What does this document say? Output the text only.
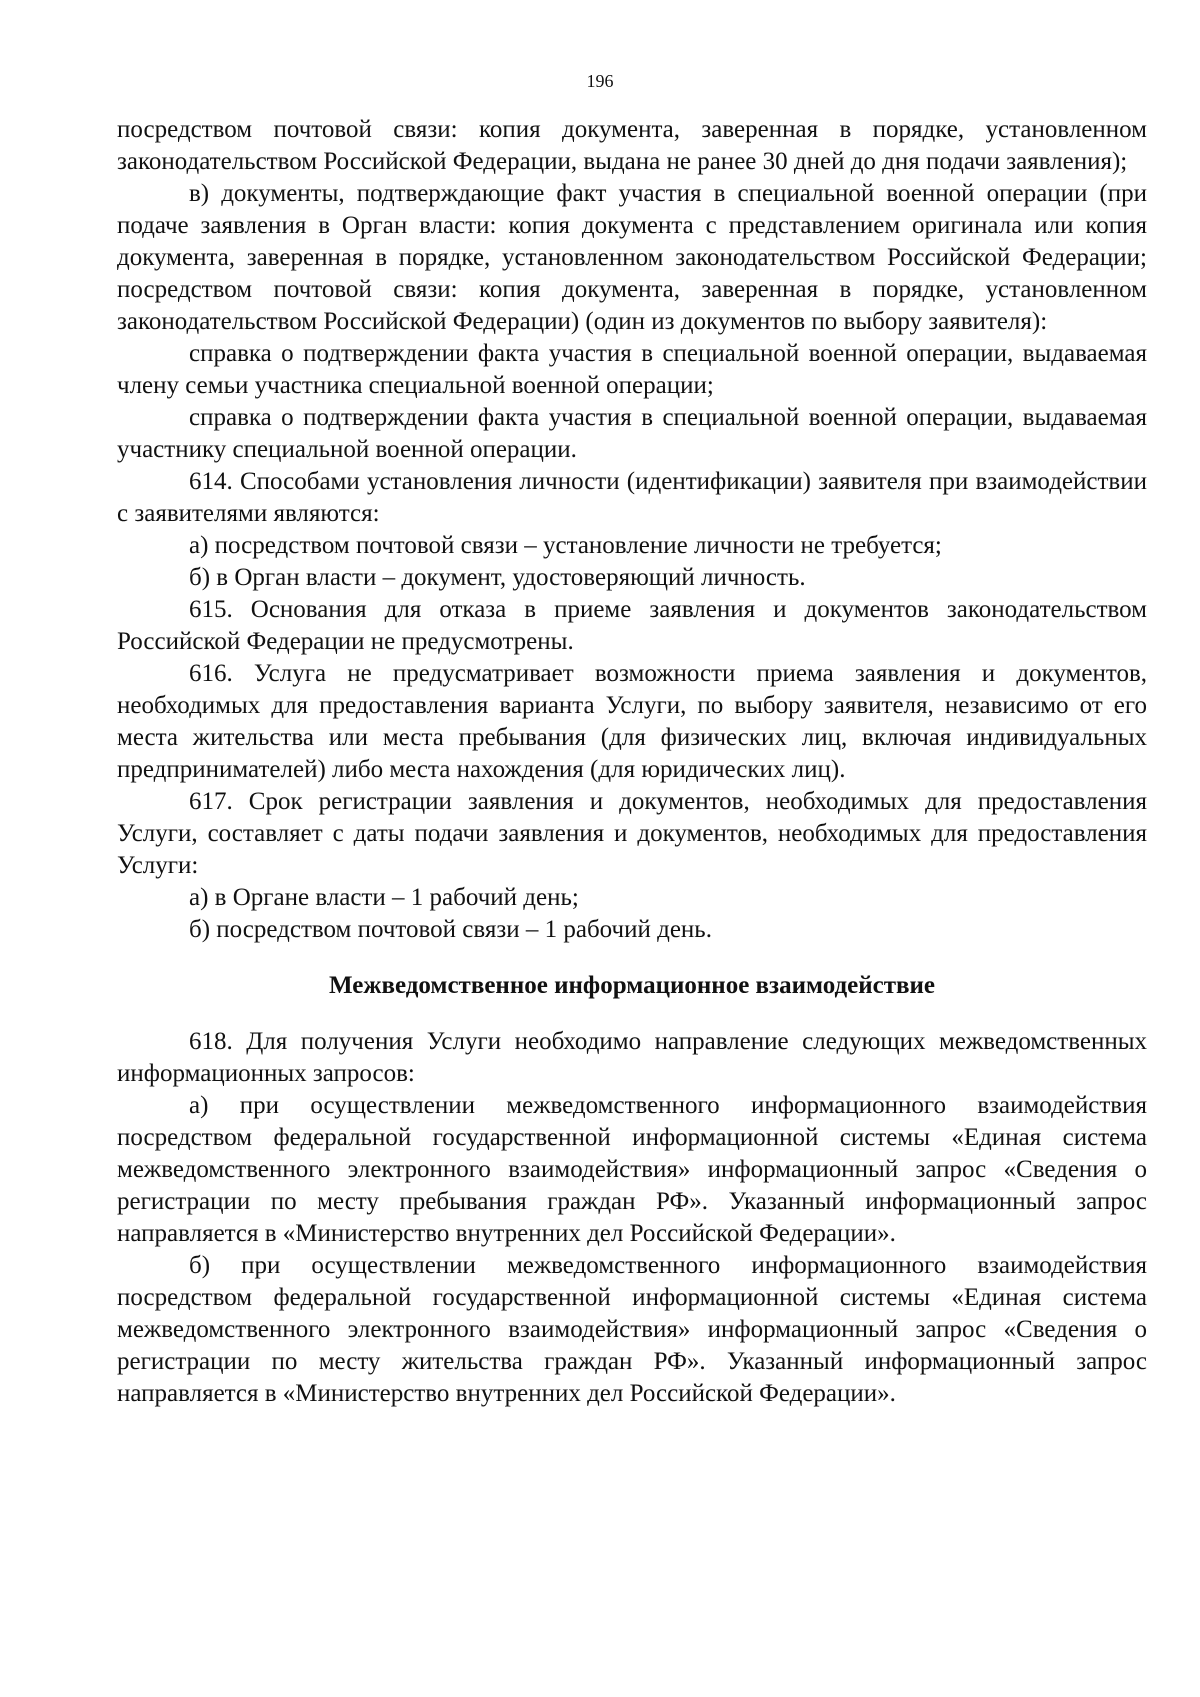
196

посредством почтовой связи: копия документа, заверенная в порядке, установленном законодательством Российской Федерации, выдана не ранее 30 дней до дня подачи заявления);

в) документы, подтверждающие факт участия в специальной военной операции (при подаче заявления в Орган власти: копия документа с представлением оригинала или копия документа, заверенная в порядке, установленном законодательством Российской Федерации; посредством почтовой связи: копия документа, заверенная в порядке, установленном законодательством Российской Федерации) (один из документов по выбору заявителя):

справка о подтверждении факта участия в специальной военной операции, выдаваемая члену семьи участника специальной военной операции;

справка о подтверждении факта участия в специальной военной операции, выдаваемая участнику специальной военной операции.

614. Способами установления личности (идентификации) заявителя при взаимодействии с заявителями являются:

а) посредством почтовой связи – установление личности не требуется;

б) в Орган власти – документ, удостоверяющий личность.

615. Основания для отказа в приеме заявления и документов законодательством Российской Федерации не предусмотрены.

616. Услуга не предусматривает возможности приема заявления и документов, необходимых для предоставления варианта Услуги, по выбору заявителя, независимо от его места жительства или места пребывания (для физических лиц, включая индивидуальных предпринимателей) либо места нахождения (для юридических лиц).

617. Срок регистрации заявления и документов, необходимых для предоставления Услуги, составляет с даты подачи заявления и документов, необходимых для предоставления Услуги:

а) в Органе власти – 1 рабочий день;

б) посредством почтовой связи – 1 рабочий день.

Межведомственное информационное взаимодействие

618. Для получения Услуги необходимо направление следующих межведомственных информационных запросов:

а) при осуществлении межведомственного информационного взаимодействия посредством федеральной государственной информационной системы «Единая система межведомственного электронного взаимодействия» информационный запрос «Сведения о регистрации по месту пребывания граждан РФ». Указанный информационный запрос направляется в «Министерство внутренних дел Российской Федерации».

б) при осуществлении межведомственного информационного взаимодействия посредством федеральной государственной информационной системы «Единая система межведомственного электронного взаимодействия» информационный запрос «Сведения о регистрации по месту жительства граждан РФ». Указанный информационный запрос направляется в «Министерство внутренних дел Российской Федерации».
